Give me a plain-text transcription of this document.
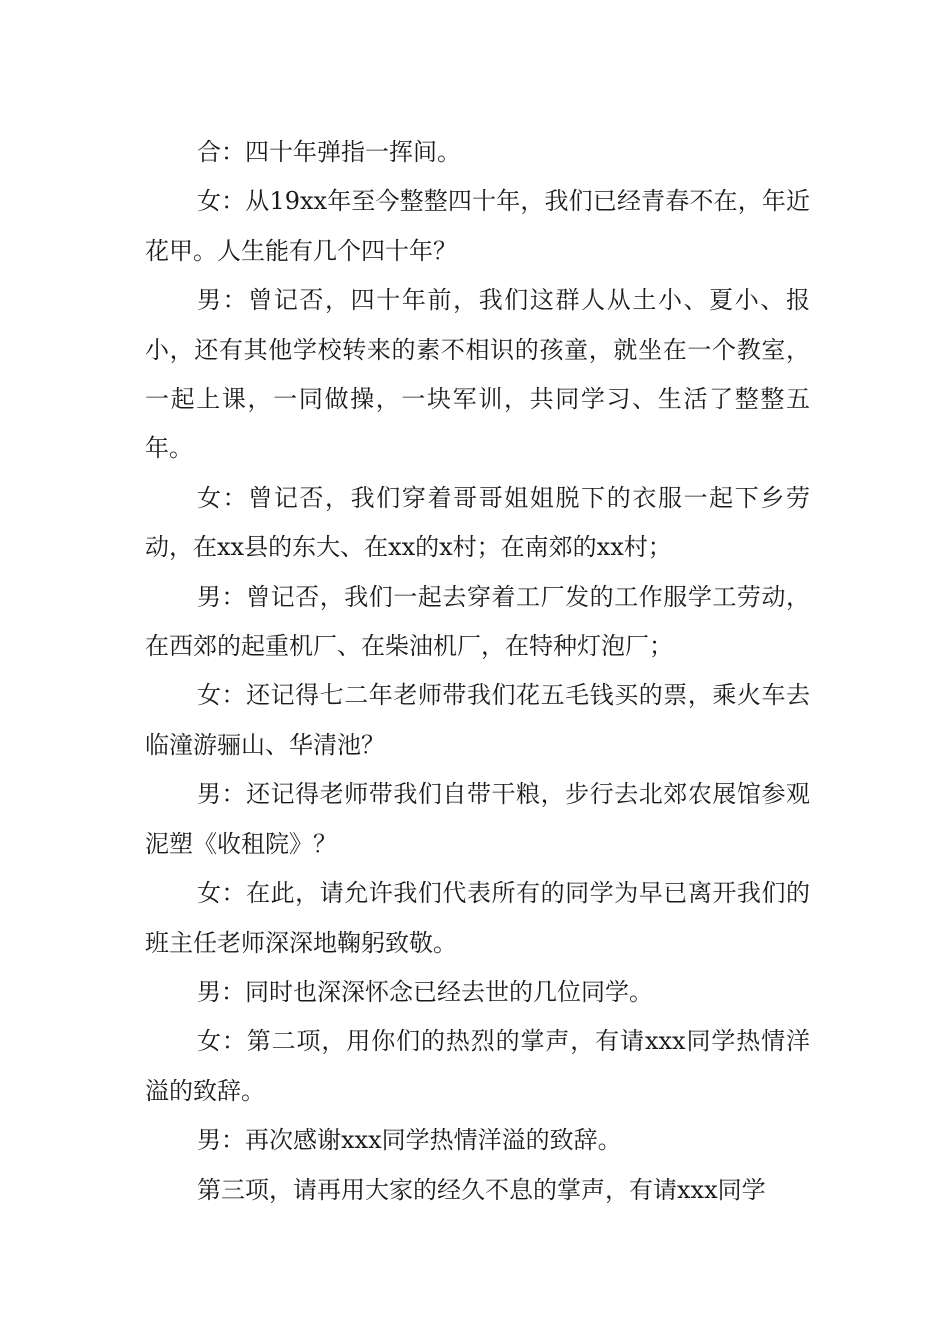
合：四十年弹指一挥间。

女：从19xx年至今整整四十年，我们已经青春不在，年近花甲。人生能有几个四十年？

男：曾记否，四十年前，我们这群人从土小、夏小、报小，还有其他学校转来的素不相识的孩童，就坐在一个教室，一起上课，一同做操，一块军训，共同学习、生活了整整五年。

女：曾记否，我们穿着哥哥姐姐脱下的衣服一起下乡劳动，在xx县的东大、在xx的x村；在南郊的xx村；

男：曾记否，我们一起去穿着工厂发的工作服学工劳动，在西郊的起重机厂、在柴油机厂，在特种灯泡厂；

女：还记得七二年老师带我们花五毛钱买的票，乘火车去临潼游骊山、华清池？

男：还记得老师带我们自带干粮，步行去北郊农展馆参观泥塑《收租院》？

女：在此，请允许我们代表所有的同学为早已离开我们的班主任老师深深地鞠躬致敬。

男：同时也深深怀念已经去世的几位同学。

女：第二项，用你们的热烈的掌声，有请xxx同学热情洋溢的致辞。

男：再次感谢xxx同学热情洋溢的致辞。

第三项，请再用大家的经久不息的掌声，有请xxx同学
